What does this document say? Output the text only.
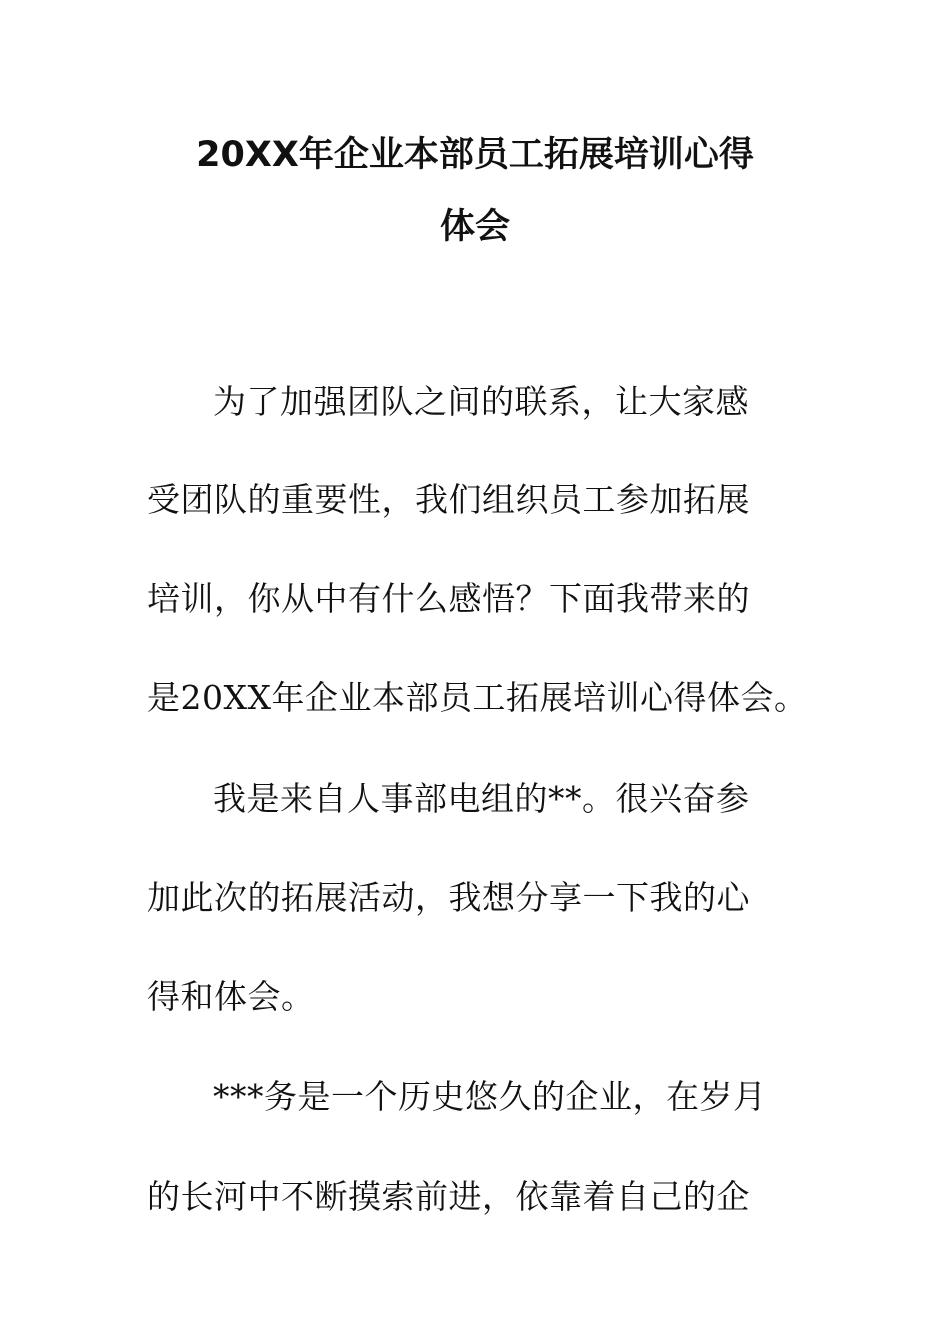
20XX年企业本部员工拓展培训心得
体会
为了加强团队之间的联系，让大家感
受团队的重要性，我们组织员工参加拓展
培训，你从中有什么感悟？下面我带来的
是20XX年企业本部员工拓展培训心得体会。
我是来自人事部电组的**。很兴奋参
加此次的拓展活动，我想分享一下我的心
得和体会。
***务是一个历史悠久的企业，在岁月
的长河中不断摸索前进，依靠着自己的企
